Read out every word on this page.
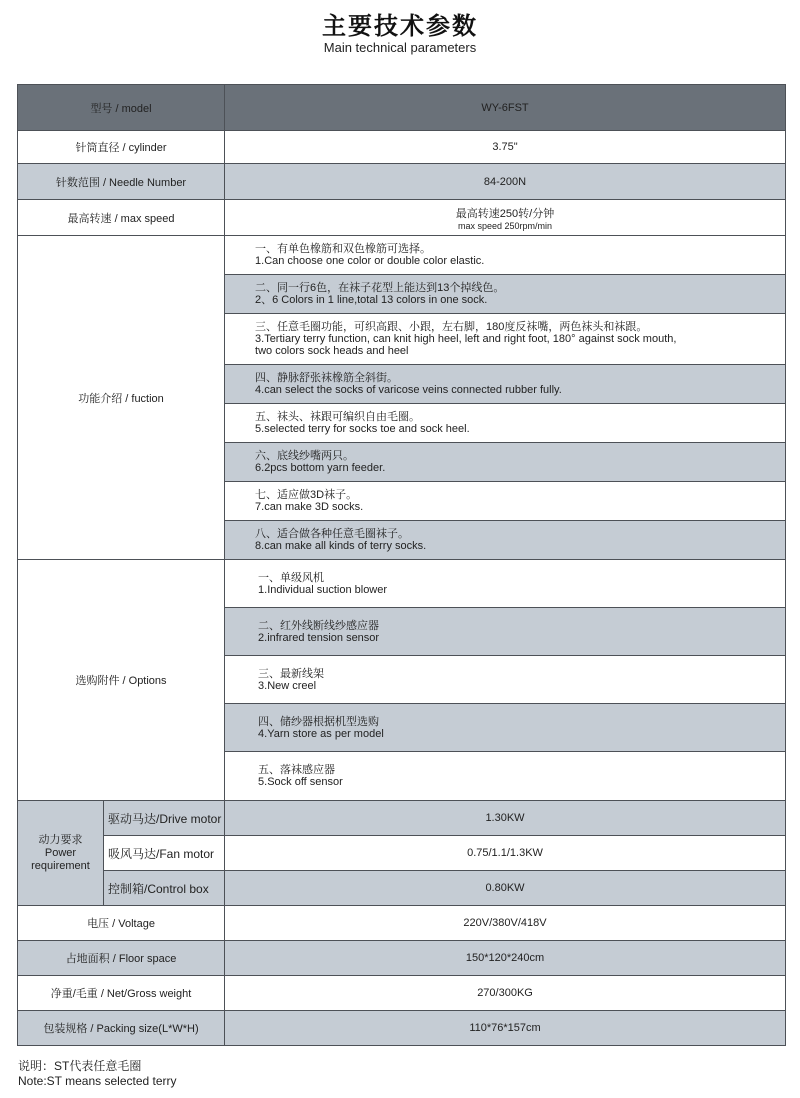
主要技术参数
Main technical parameters
型号 / model		WY-6FST
针筒直径 / cylinder		3.75"
针数范围 / Needle Number		84-200N
最高转速 / max speed		最高转速250转/分钟
max speed 250rpm/min

功能介绍 / fuction		一、有单色橡筋和双色橡筋可选择。
1.Can choose one color or double color elastic.

		二、同一行6色，在袜子花型上能达到13个掉线色。
2、6 Colors in 1 line,total 13 colors in one sock.

		三、任意毛圈功能，可织高跟、小跟，左右脚，180度反袜嘴，两色袜头和袜跟。
3.Tertiary terry function, can knit high heel, left and right foot, 180° against sock mouth,
two colors sock heads and heel

		四、静脉舒张袜橡筋全斜街。
4.can select the socks of varicose veins connected rubber fully.

		五、袜头、袜跟可编织自由毛圈。
5.selected terry for socks toe and sock heel.

		六、底线纱嘴两只。
6.2pcs bottom yarn feeder.

		七、适应做3D袜子。
7.can make 3D socks.

		八、适合做各种任意毛圈袜子。
8.can make all kinds of terry socks.

选购附件 / Options		一、单级风机
1.Individual suction blower

		二、红外线断线纱感应器
2.infrared tension sensor

		三、最新线架
3.New creel

		四、储纱器根据机型选购
4.Yarn store as per model

		五、落袜感应器
5.Sock off sensor

动力要求
Power
requirement	驱动马达/Drive motor	1.30KW
	吸风马达/Fan motor	0.75/1.1/1.3KW
	控制箱/Control box	0.80KW
电压 / Voltage		220V/380V/418V
占地面积 / Floor space		150*120*240cm
净重/毛重 / Net/Gross weight		270/300KG
包装规格 / Packing size(L*W*H)		110*76*157cm
说明：ST代表任意毛圈
Note:ST means selected terry
